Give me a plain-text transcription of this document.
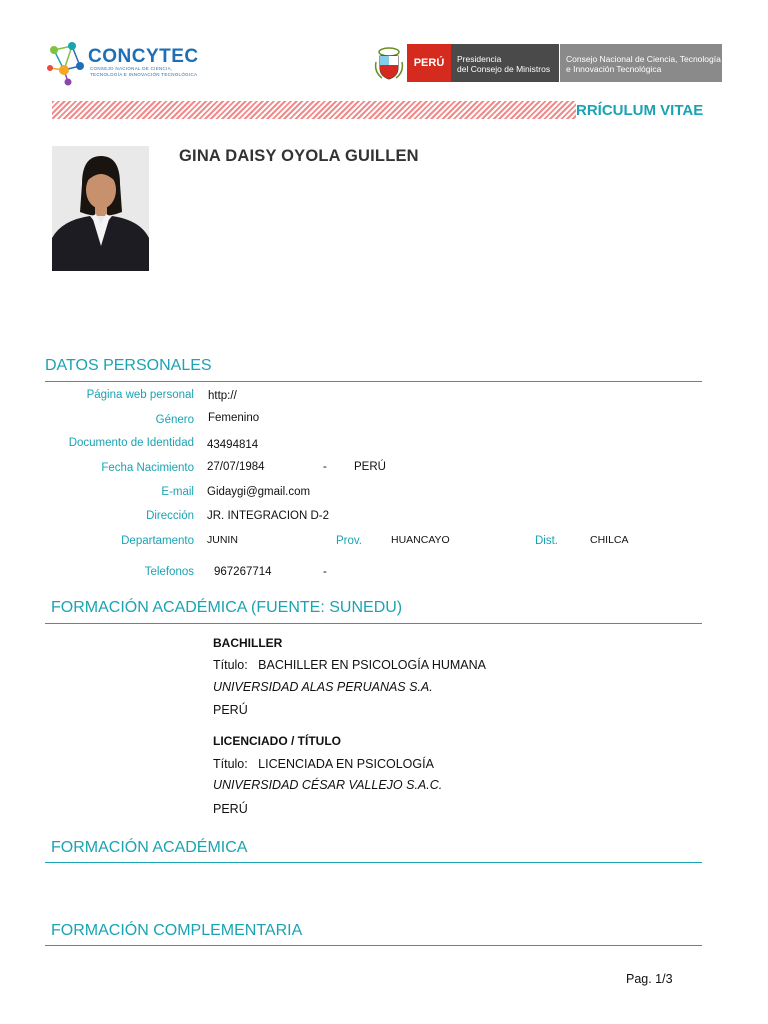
CONCYTEC
CONSEJO NACIONAL DE CIENCIA,
TECNOLOGÍA E INNOVACIÓN TECNOLÓGICA
PERÚ	Presidencia
del Consejo de Ministros
Consejo Nacional de Ciencia, Tecnología
e Innovación Tecnológica
RRÍCULUM VITAE
GINA DAISY OYOLA GUILLEN
DATOS PERSONALES
Página web personal http://
Género Femenino
Documento de Identidad 43494814
Fecha Nacimiento 27/07/1984	- PERÚ
E-mail Gidaygi@gmail.com
Dirección JR. INTEGRACION D-2
Departamento JUNIN	Prov.	HUANCAYO	Dist.	CHILCA
Telefonos 967267714	-
FORMACIÓN ACADÉMICA (FUENTE: SUNEDU)
BACHILLER
Título: BACHILLER EN PSICOLOGÍA HUMANA
UNIVERSIDAD ALAS PERUANAS S.A.
PERÚ
LICENCIADO / TÍTULO
Título: LICENCIADA EN PSICOLOGÍA
UNIVERSIDAD CÉSAR VALLEJO S.A.C.
PERÚ
FORMACIÓN ACADÉMICA
FORMACIÓN COMPLEMENTARIA
Pag. 1/3
